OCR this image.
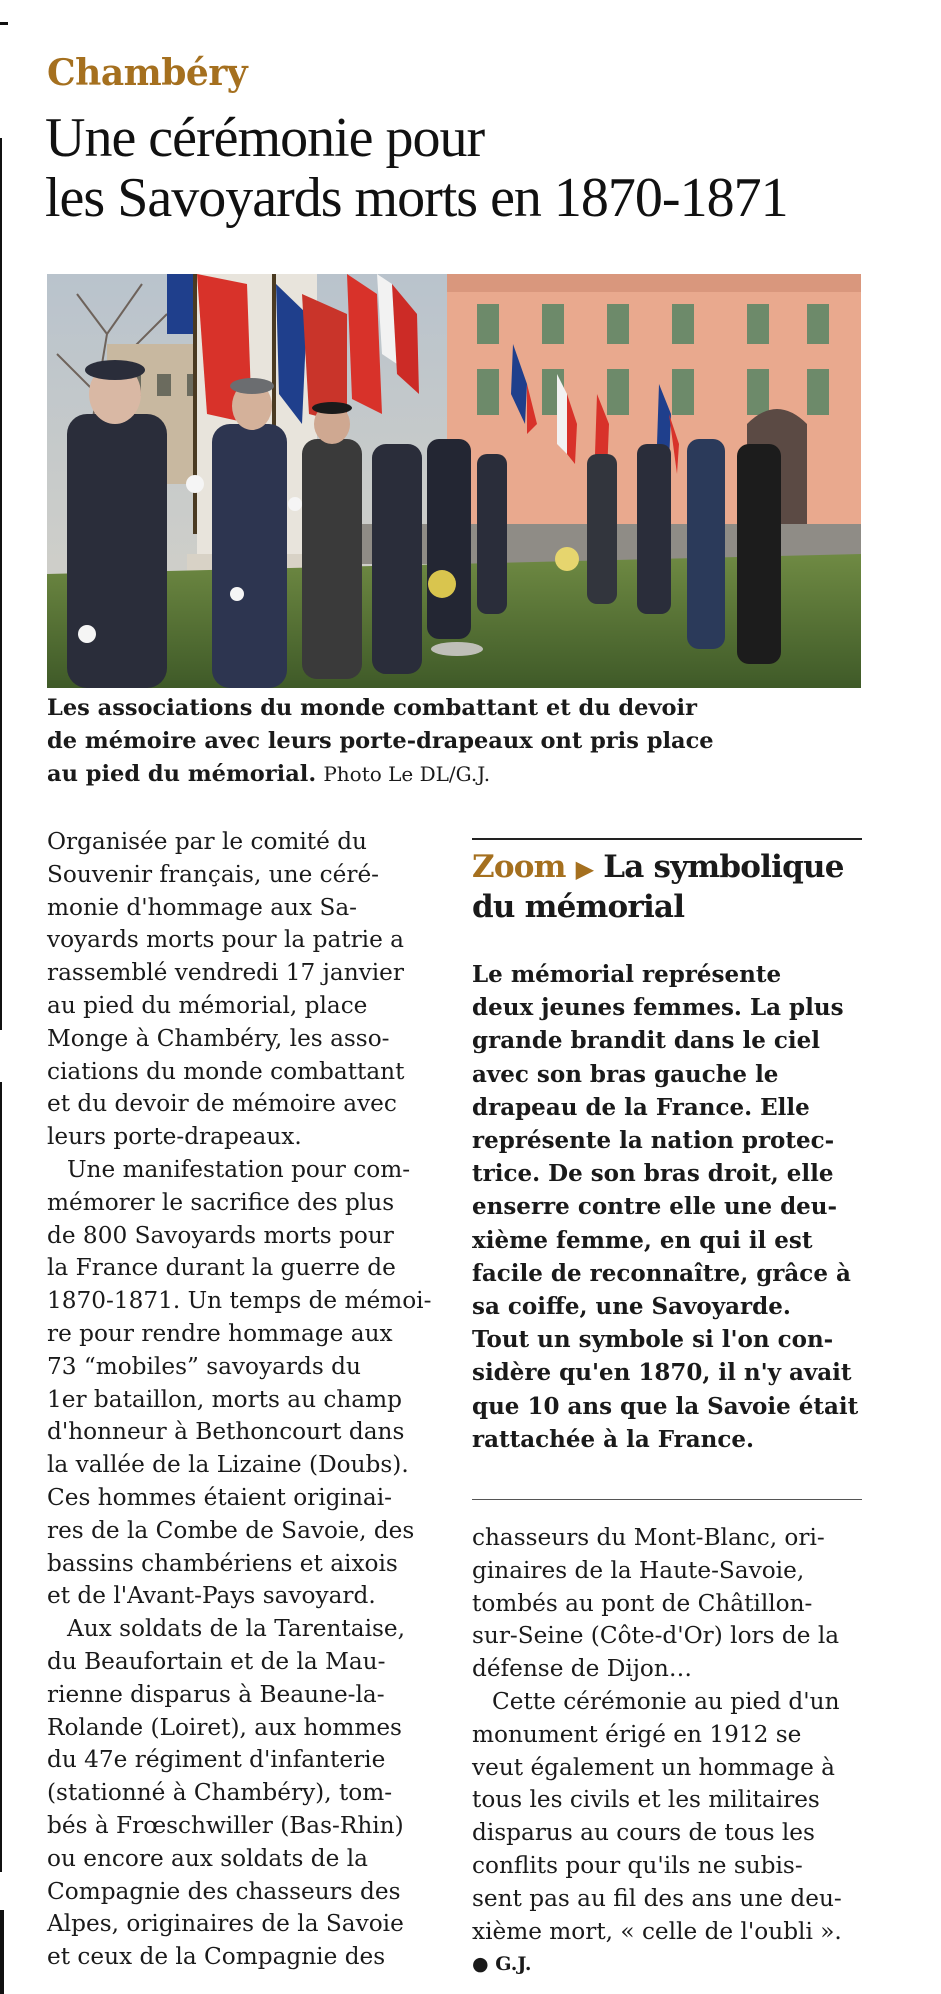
Chambéry
Une cérémonie pour
les Savoyards morts en 1870-1871
Les associations du monde combattant et du devoir
de mémoire avec leurs porte-drapeaux ont pris place
au pied du mémorial. Photo Le DL/G.J.
Organisée par le comité du
Souvenir français, une céré-
monie d'hommage aux Sa-
voyards morts pour la patrie a
rassemblé vendredi 17 janvier
au pied du mémorial, place
Monge à Chambéry, les asso-
ciations du monde combattant
et du devoir de mémoire avec
leurs porte-drapeaux.
Une manifestation pour com-
mémorer le sacrifice des plus
de 800 Savoyards morts pour
la France durant la guerre de
1870-1871. Un temps de mémoi-
re pour rendre hommage aux
73 “mobiles” savoyards du
1er bataillon, morts au champ
d'honneur à Bethoncourt dans
la vallée de la Lizaine (Doubs).
Ces hommes étaient originai-
res de la Combe de Savoie, des
bassins chambériens et aixois
et de l'Avant-Pays savoyard.
Aux soldats de la Tarentaise,
du Beaufortain et de la Mau-
rienne disparus à Beaune-la-
Rolande (Loiret), aux hommes
du 47e régiment d'infanterie
(stationné à Chambéry), tom-
bés à Frœschwiller (Bas-Rhin)
ou encore aux soldats de la
Compagnie des chasseurs des
Alpes, originaires de la Savoie
et ceux de la Compagnie des
Zoom ▶ La symbolique
du mémorial
Le mémorial représente
deux jeunes femmes. La plus
grande brandit dans le ciel
avec son bras gauche le
drapeau de la France. Elle
représente la nation protec-
trice. De son bras droit, elle
enserre contre elle une deu-
xième femme, en qui il est
facile de reconnaître, grâce à
sa coiffe, une Savoyarde.
Tout un symbole si l'on con-
sidère qu'en 1870, il n'y avait
que 10 ans que la Savoie était
rattachée à la France.
chasseurs du Mont-Blanc, ori-
ginaires de la Haute-Savoie,
tombés au pont de Châtillon-
sur-Seine (Côte-d'Or) lors de la
défense de Dijon…
Cette cérémonie au pied d'un
monument érigé en 1912 se
veut également un hommage à
tous les civils et les militaires
disparus au cours de tous les
conflits pour qu'ils ne subis-
sent pas au fil des ans une deu-
xième mort, « celle de l'oubli ».
● G.J.
